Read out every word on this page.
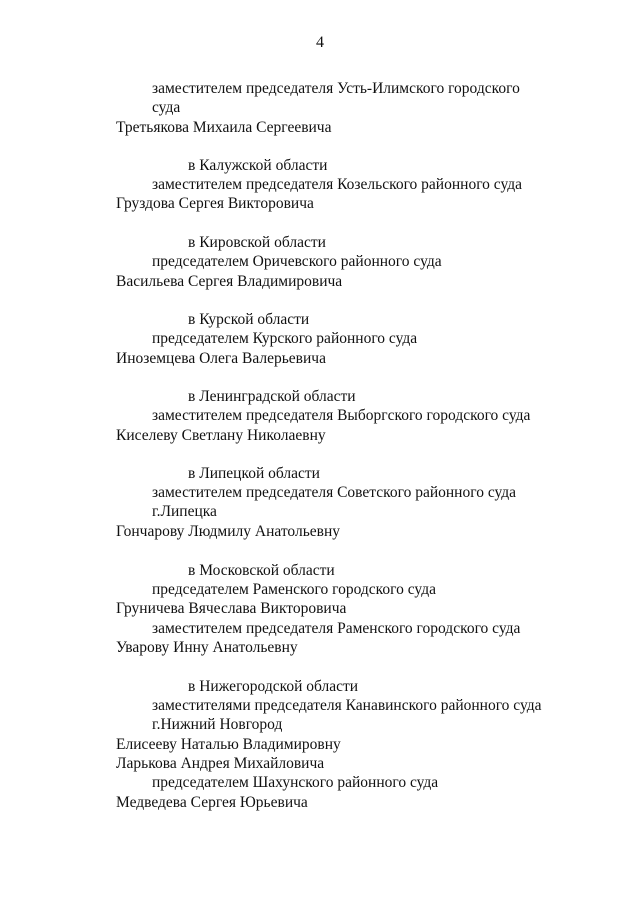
4
заместителем председателя Усть-Илимского городского
суда
Третьякова Михаила Сергеевича
в Калужской области
заместителем председателя Козельского районного суда
Груздова Сергея Викторовича
в Кировской области
председателем Оричевского районного суда
Васильева Сергея Владимировича
в Курской области
председателем Курского районного суда
Иноземцева Олега Валерьевича
в Ленинградской области
заместителем председателя Выборгского городского суда
Киселеву Светлану Николаевну
в Липецкой области
заместителем председателя Советского районного суда
г.Липецка
Гончарову Людмилу Анатольевну
в Московской области
председателем Раменского городского суда
Груничева Вячеслава Викторовича
заместителем председателя Раменского городского суда
Уварову Инну Анатольевну
в Нижегородской области
заместителями председателя Канавинского районного суда
г.Нижний Новгород
Елисееву Наталью Владимировну
Ларькова Андрея Михайловича
председателем Шахунского районного суда
Медведева Сергея Юрьевича
